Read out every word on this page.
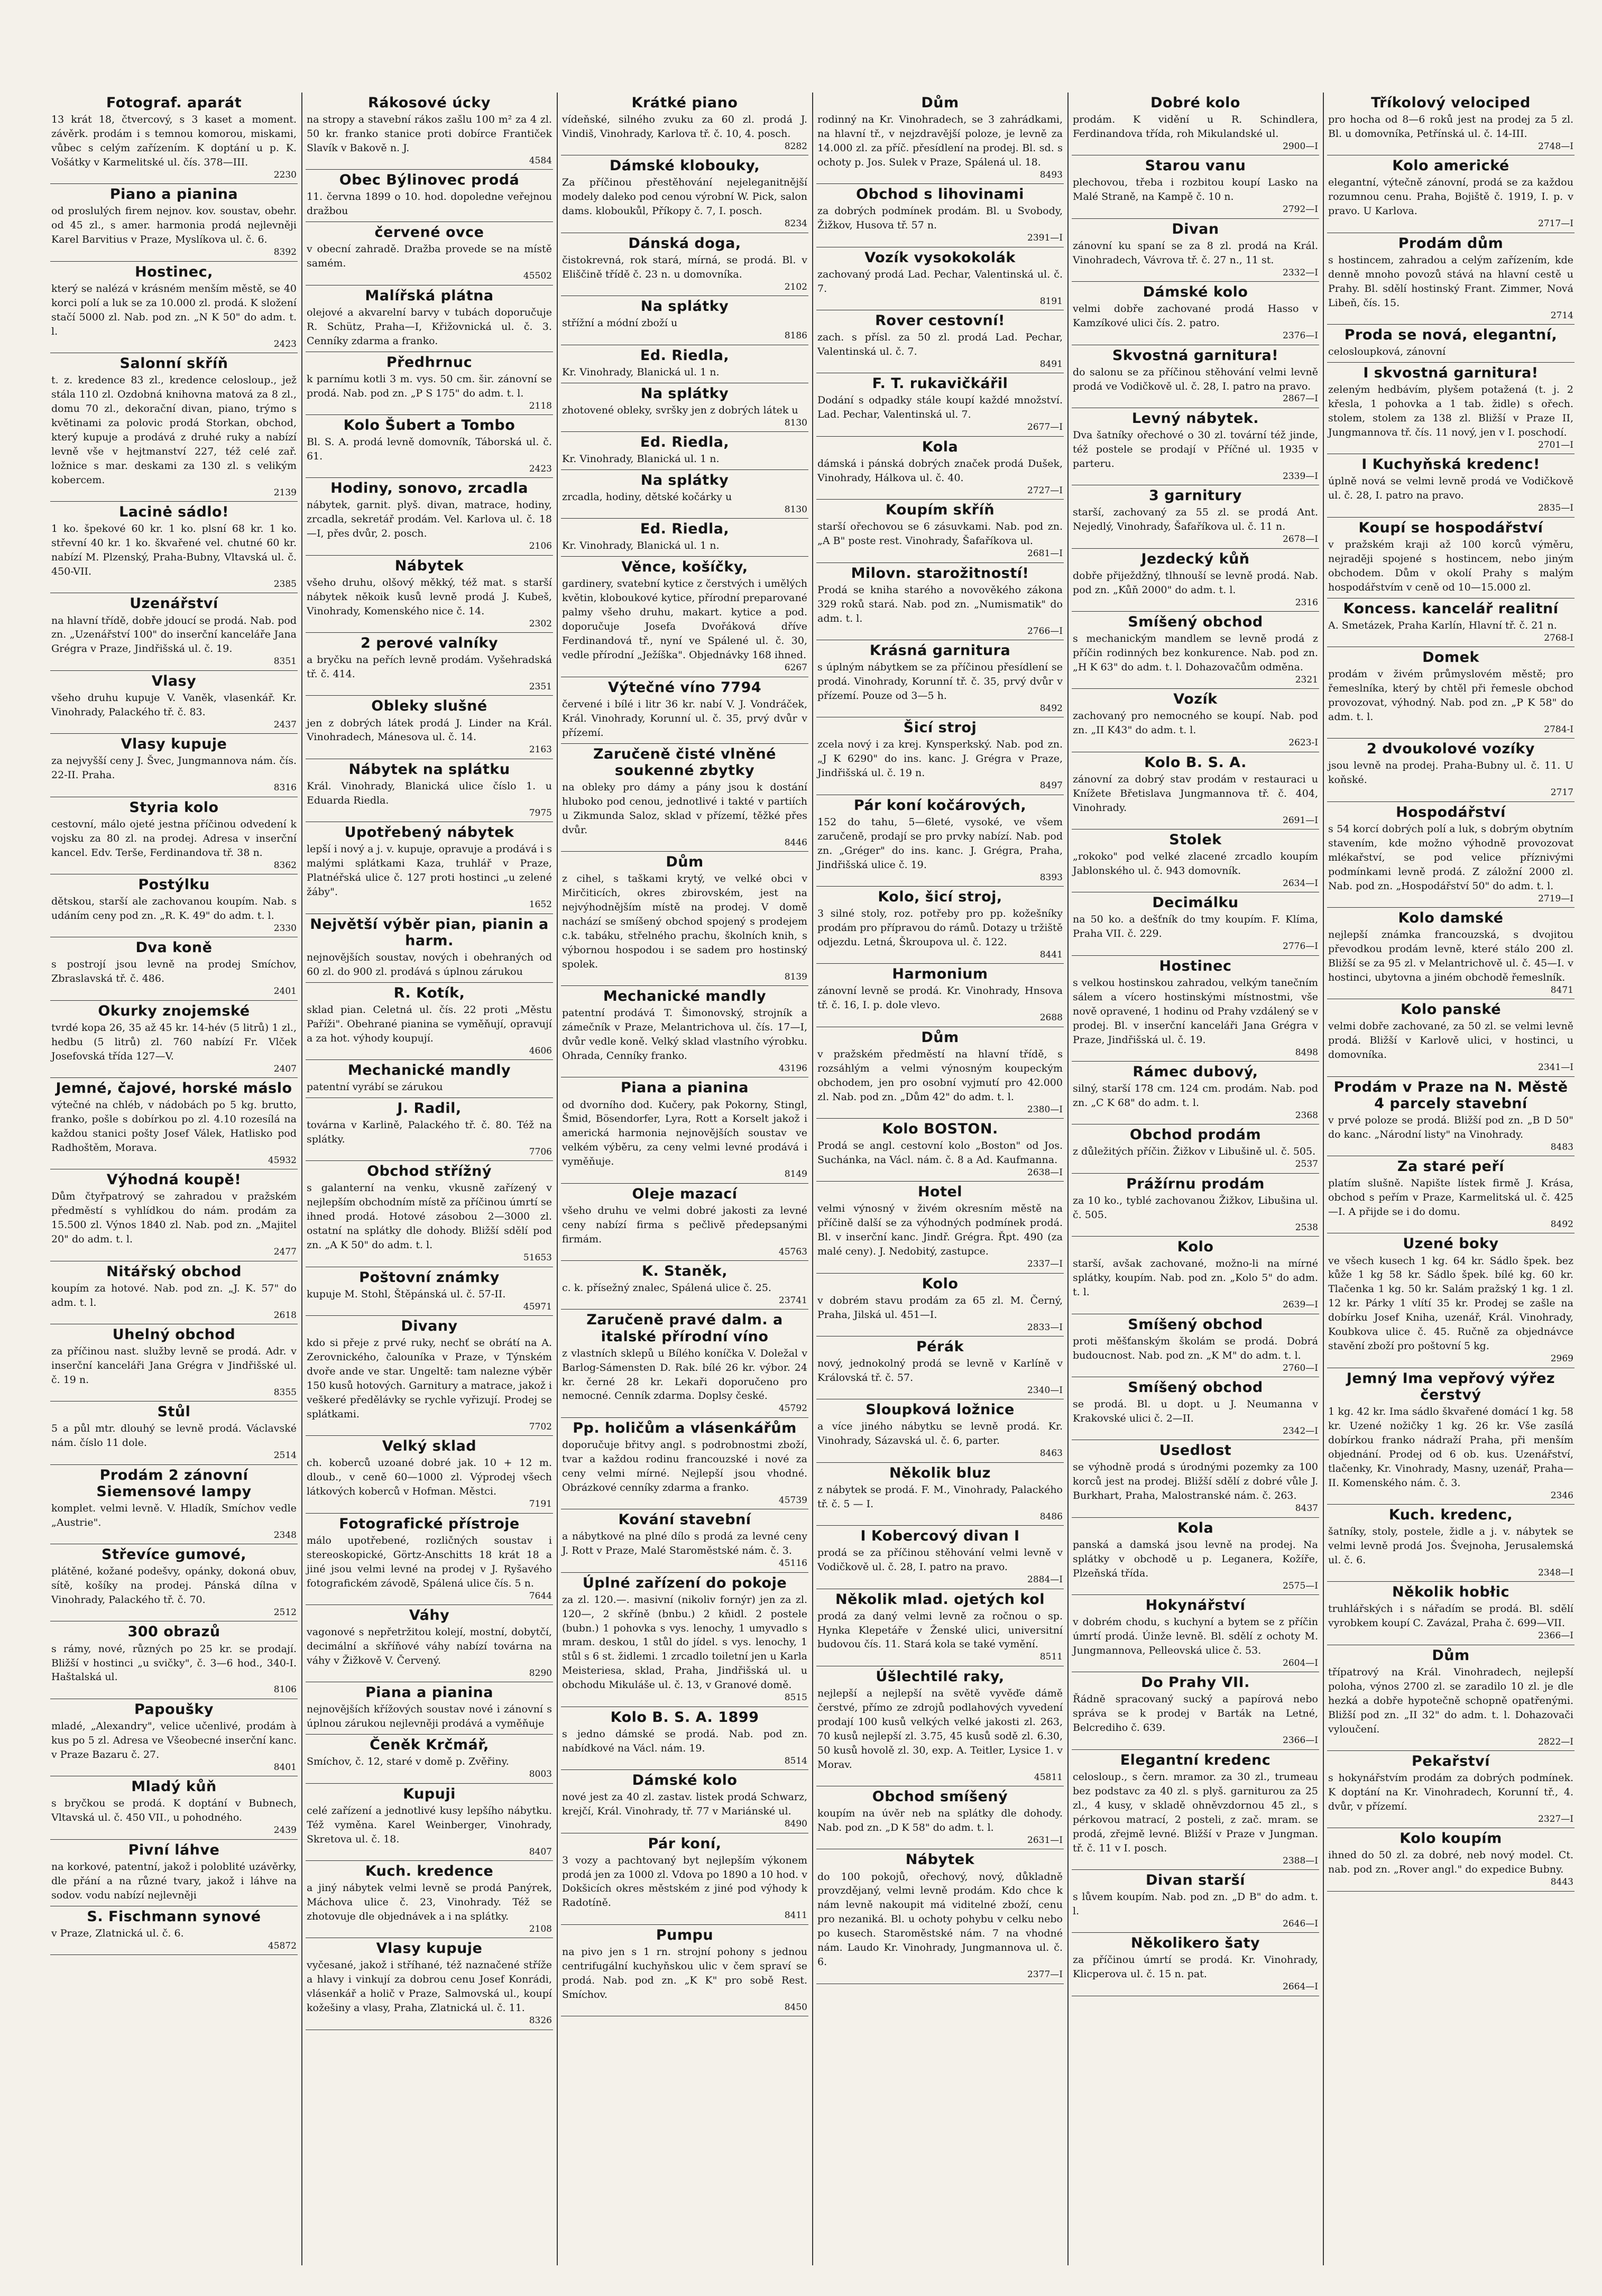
Fotograf. aparát

13 krát 18, čtvercový, s 3 kaset a moment. závěrk. prodám i s temnou komorou, miskami, vůbec s celým zařízením. K doptání u p. K. Vošátky v Karmelitské ul. čís. 378—III.

2230
Piano a pianina

od proslulých firem nejnov. kov. soustav, obehr. od 45 zl., s amer. harmonia prodá nejlevněji Karel Barvitius v Praze, Myslíkova ul. č. 6.

8392
Hostinec,

který se nalézá v krásném menším městě, se 40 korci polí a luk se za 10.000 zl. prodá. K složení stačí 5000 zl. Nab. pod zn. „N K 50" do adm. t. l.

2423
Salonní skříň

t. z. kredence 83 zl., kredence celosloup., jež stála 110 zl. Ozdobná knihovna matová za 8 zl., domu 70 zl., dekorační divan, piano, trýmo s květinami za polovic prodá Storkan, obchod, který kupuje a prodává z druhé ruky a nabízí levně vše v hejtmanství 227, též celé zař. ložnice s mar. deskami za 130 zl. s velikým kobercem.

2139
Lacinė sádlo!

1 ko. špekové 60 kr. 1 ko. plsní 68 kr. 1 ko. střevní 40 kr. 1 ko. škvařené vel. chutné 60 kr. nabízí M. Plzenský, Praha-Bubny, Vltavská ul. č. 450-VII.

2385
Uzenářství

na hlavní třídě, dobře jdoucí se prodá. Nab. pod zn. „Uzenářství 100" do inserční kanceláře Jana Grégra v Praze, Jindřišská ul. č. 19.

8351
Vlasy

všeho druhu kupuje V. Vaněk, vlasenkář. Kr. Vinohrady, Palackého tř. č. 83.

2437
Vlasy kupuje

za nejvyšší ceny J. Švec, Jungmannova nám. čís. 22-II. Praha.

8316
Styria kolo

cestovní, málo ojeté jestna příčinou odvedení k vojsku za 80 zl. na prodej. Adresa v inserční kancel. Edv. Terše, Ferdinandova tř. 38 n.

8362
Postýlku

dětskou, starší ale zachovanou koupím. Nab. s udáním ceny pod zn. „R. K. 49" do adm. t. l.

2330
Dva koně

s postrojí jsou levně na prodej Smíchov, Zbraslavská tř. č. 486.

2401
Okurky znojemské

tvrdé kopa 26, 35 až 45 kr. 14-hév (5 litrů) 1 zl., hedbu (5 litrů) zl. 760 nabízí Fr. Vlček Josefovská třída 127—V.

2407
Jemné, čajové, horské máslo

výtečné na chléb, v nádobách po 5 kg. brutto, franko, pošle s dobírkou po zl. 4.10 rozesílá na každou stanici pošty Josef Válek, Hatlisko pod Radhoštěm, Morava.

45932
Výhodná koupě!

Dům čtyřpatrový se zahradou v pražském předměstí s vyhlídkou do nám. prodám za 15.500 zl. Výnos 1840 zl. Nab. pod zn. „Majitel 20" do adm. t. l.

2477
Nitářský obchod

koupím za hotové. Nab. pod zn. „J. K. 57" do adm. t. l.

2618
Uhelný obchod

za příčinou nast. služby levně se prodá. Adr. v inserční kanceláři Jana Grégra v Jindřišské ul. č. 19 n.

8355
Stůl

5 a půl mtr. dlouhý se levně prodá. Václavské nám. číslo 11 dole.

2514
Prodám 2 zánovní Siemensové lampy

komplet. velmi levně. V. Hladík, Smíchov vedle „Austrie".

2348
Střevíce gumové,

plátěné, kožané podešvy, opánky, dokoná obuv, sítě, košíky na prodej. Pánská dílna v Vinohrady, Palackého tř. č. 70.

2512
300 obrazů

s rámy, nové, různých po 25 kr. se prodají. Bližší v hostinci „u svičky", č. 3—6 hod., 340-I. Haštalská ul.

8106
Papoušky

mladé, „Alexandry", velice učenlivé, prodám à kus po 5 zl. Adresa ve Všeobecné inserční kanc. v Praze Bazaru č. 27.

8401
Mladý kůň

s bryčkou se prodá. K doptání v Bubnech, Vltavská ul. č. 450 VII., u pohodného.

2439
Pivní láhve

na korkové, patentní, jakož i poloblité uzávěrky, dle přání a na různé tvary, jakož i láhve na sodov. vodu nabízí nejlevněji

S. Fischmann synové

v Praze, Zlatnická ul. č. 6.

45872
Rákosové úcky

na stropy a stavební rákos zašlu 100 m² za 4 zl. 50 kr. franko stanice proti dobírce Frantiček Slavík v Bakově n. J.

4584
Obec Býlinovec prodá

11. června 1899 o 10. hod. dopoledne veřejnou dražbou

červené ovce

v obecní zahradě. Dražba provede se na místě samém.

45502
Malířská plátna

olejové a akvarelní barvy v tubách doporučuje R. Schütz, Praha—I, Křižovnická ul. č. 3. Cenníky zdarma a franko.

Předhrnuc

k parnímu kotli 3 m. vys. 50 cm. šir. zánovní se prodá. Nab. pod zn. „P S 175" do adm. t. l.

2118
Kolo Šubert a Tombo

Bl. S. A. prodá levně domovník, Táborská ul. č. 61.

2423
Hodiny, sonovo, zrcadla

nábytek, garnit. plyš. divan, matrace, hodiny, zrcadla, sekretář prodám. Vel. Karlova ul. č. 18—I, přes dvůr, 2. posch.

2106
Nábytek

všeho druhu, olšový měkký, též mat. s starší nábytek někoik kusů levně prodá J. Kubeš, Vinohrady, Komenského nice č. 14.

2302
2 perové valníky

a bryčku na peřích levně prodám. Vyšehradská tř. č. 414.

2351
Obleky slušné

jen z dobrých látek prodá J. Linder na Král. Vinohradech, Mánesova ul. č. 14.

2163
Nábytek na splátku

Král. Vinohrady, Blanická ulice číslo 1. u Eduarda Riedla.

7975
Upotřebený nábytek

lepší i nový a j. v. kupuje, opravuje a prodává i s malými splátkami Kaza, truhlář v Praze, Platnéřská ulice č. 127 proti hostinci „u zelené žáby".

1652
Největší výběr pian, pianin a harm.

nejnovějších soustav, nových i obehraných od 60 zl. do 900 zl. prodává s úplnou zárukou

R. Kotík,

sklad pian. Celetná ul. čís. 22 proti „Městu Paříži". Obehrané pianina se vyměňují, opravují a za hot. výhody koupují.

4606
Mechanické mandly

patentní vyrábí se zárukou

J. Radil,

továrna v Karlině, Palackého tř. č. 80. Též na splátky.

7706
Obchod střížný

s galanterní na venku, vkusně zařízený v nejlepším obchodním místě za příčinou úmrtí se ihned prodá. Hotové zásobou 2—3000 zl. ostatní na splátky dle dohody. Bližší sdělí pod zn. „A K 50" do adm. t. l.

51653
Poštovní známky

kupuje M. Stohl, Štěpánská ul. č. 57-II.

45971
Divany

kdo si přeje z prvé ruky, nechť se obrátí na A. Zerovnického, čalouníka v Praze, v Týnském dvoře ande ve star. Ungeltě: tam nalezne výběr 150 kusů hotových. Garnitury a matrace, jakož i veškeré předělávky se rychle vyřizují. Prodej se splátkami.

7702
Velký sklad

ch. koberců uzoané dobré jak. 10 + 12 m. dloub., v ceně 60—1000 zl. Výprodej všech látkových koberců v Hofman. Městci.

7191
Fotografické přístroje

málo upotřebené, rozličných soustav i stereoskopické, Görtz-Anschitts 18 krát 18 a jiné jsou velmi levné na prodej v J. Ryšavého fotografickém závodě, Spálená ulice čís. 5 n.

7644
Váhy

vagonové s nepřetržitou kolejí, mostní, dobytčí, decimální a skříňové váhy nabízí továrna na váhy v Žižkově V. Červený.

8290
Piana a pianina

nejnovějších křížových soustav nové i zánovní s úplnou zárukou nejlevněji prodává a vyměňuje

Čeněk Krčmář,

Smíchov, č. 12, staré v domě p. Zvěřiny.

8003
Kupuji

celé zařízení a jednotlivé kusy lepšího nábytku. Též vyměna. Karel Weinberger, Vinohrady, Skretova ul. č. 18.

8407
Kuch. kredence

a jiný nábytek velmi levně se prodá Panýrek, Máchova ulice č. 23, Vinohrady. Též se zhotovuje dle objednávek a i na splátky.

2108
Vlasy kupuje

vyčesané, jakož i stříhané, též naznačené stříže a hlavy i vinkují za dobrou cenu Josef Konrádi, vlásenkář a holič v Praze, Salmovská ul., koupí kožešiny a vlasy, Praha, Zlatnická ul. č. 11.

8326
Krátké piano

vídeňské, silného zvuku za 60 zl. prodá J. Vindiš, Vinohrady, Karlova tř. č. 10, 4. posch.

8282
Dámské klobouky,

Za příčinou přestěhování nejeleganitnější modely daleko pod cenou výrobní W. Pick, salon dams. kloboukůl, Příkopy č. 7, I. posch.

8234
Dánská doga,

čistokrevná, rok stará, mírná, se prodá. Bl. v Eliščině třídě č. 23 n. u domovníka.

2102
Na splátky

střížní a módní zboží u

8186
Ed. Riedla,

Kr. Vinohrady, Blanická ul. 1 n.

Na splátky

zhotovené obleky, svršky jen z dobrých látek u

8130
Ed. Riedla,

Kr. Vinohrady, Blanická ul. 1 n.

Na splátky

zrcadla, hodiny, dětské kočárky u

8130
Ed. Riedla,

Kr. Vinohrady, Blanická ul. 1 n.

Věnce, košíčky,

gardinery, svatební kytice z čerstvých i umělých květin, kloboukové kytice, přírodní preparované palmy všeho druhu, makart. kytice a pod. doporučuje Josefa Dvořáková dříve Ferdinandová tř., nyní ve Spálené ul. č. 30, vedle přírodní „Ježíška". Objednávky 168 ihned.

6267
Výtečné víno 7794

červené i bílé i litr 36 kr. nabí V. J. Vondráček, Král. Vinohrady, Korunní ul. č. 35, prvý dvůr v přízemí.

Zaručeně čisté vlněné soukenné zbytky

na obleky pro dámy a pány jsou k dostání hluboko pod cenou, jednotlivé i takté v partiích u Zikmunda Saloz, sklad v přízemí, těžké přes dvůr.

8446
Dům

z cihel, s taškami krytý, ve velké obci v Mirčiticích, okres zbirovském, jest na nejvýhodnějším místě na prodej. V domě nachází se smíšený obchod spojený s prodejem c.k. tabáku, střelného prachu, školních knih, s výbornou hospodou i se sadem pro hostinský spolek.

8139
Mechanické mandly

patentní prodává T. Šimonovský, strojník a zámečník v Praze, Melantrichova ul. čís. 17—I, dvůr vedle koně. Velký sklad vlastního výrobku. Ohrada, Cenníky franko.

43196
Piana a pianina

od dvorního dod. Kučery, pak Pokorny, Stingl, Šmid, Bösendorfer, Lyra, Rott a Korselt jakož i americká harmonia nejnovějších soustav ve velkém výběru, za ceny velmi levné prodává i vyměňuje.

8149
Oleje mazací

všeho druhu ve velmi dobré jakosti za levné ceny nabízí firma s pečlivě předepsanými firmám.

45763
K. Staněk,

c. k. přísežný znalec, Spálená ulice č. 25.

23741
Zaručeně pravé dalm. a italské přírodní víno

z vlastních sklepů u Bílého koníčka V. Doležal v Barlog-Sámensten D. Rak. bílé 26 kr. výbor. 24 kr. černé 28 kr. Lekaři doporučeno pro nemocné. Cenník zdarma. Doplsy české.

45792
Pp. holičům a vlásenkářům

doporučuje břitvy angl. s podrobnostmi zboží, tvar a každou rodinu francouzské i nové za ceny velmi mírné. Nejlepší jsou vhodné. Obrázkové cenníky zdarma a franko.

45739
Kování stavební

a nábytkové na plné dílo s prodá za levné ceny J. Rott v Praze, Malé Staroměstské nám. č. 3.

45116
Úplné zařízení do pokoje

za zl. 120.—. masivní (nikoliv fornýr) jen za zl. 120—, 2 skříně (bnbu.) 2 kňidl. 2 postele (bubn.) 1 pohovka s vys. lenochy, 1 umyvadlo s mram. deskou, 1 stůl do jídel. s vys. lenochy, 1 stůl s 6 st. židlemi. 1 zrcadlo toiletní jen u Karla Meisteriesa, sklad, Praha, Jindřišská ul. u obchodu Mikuláše ul. č. 13, v Granové domě.

8515
Kolo B. S. A. 1899

s jedno dámské se prodá. Nab. pod zn. nabídkové na Václ. nám. 19.

8514
Dámské kolo

nové jest za 40 zl. zastav. listek prodá Schwarz, krejčí, Král. Vinohrady, tř. 77 v Mariánské ul.

8490
Pár koní,

3 vozy a pachtovaný byt nejlepším výkonem prodá jen za 1000 zl. Vdova po 1890 a 10 hod. v Dokšicích okres městském z jiné pod výhody k Radotíně.

8411
Pumpu

na pivo jen s 1 rn. strojní pohony s jednou centrifugální kuchyňskou ulic v čem spraví se prodá. Nab. pod zn. „K K" pro sobě Rest. Smíchov.

8450
Dům

rodinný na Kr. Vinohradech, se 3 zahrádkami, na hlavní tř., v nejzdravější poloze, je levně za 14.000 zl. za příč. přesídlení na prodej. Bl. sd. s ochoty p. Jos. Sulek v Praze, Spálená ul. 18.

8493
Obchod s lihovinami

za dobrých podmínek prodám. Bl. u Svobody, Žižkov, Husova tř. 57 n.

2391—I
Vozík vysokokolák

zachovaný prodá Lad. Pechar, Valentinská ul. č. 7.

8191
Rover cestovní!

zach. s přísl. za 50 zl. prodá Lad. Pechar, Valentinská ul. č. 7.

8491
F. T. rukavičkářil

Dodání s odpadky stále koupí každé množství. Lad. Pechar, Valentinská ul. 7.

2677—I
Kola

dámská i pánská dobrých značek prodá Dušek, Vinohrady, Hálkova ul. č. 40.

2727—I
Koupím skříň

starší ořechovou se 6 zásuvkami. Nab. pod zn. „A B" poste rest. Vinohrady, Šafaříkova ul.

2681—I
Milovn. starožitností!

Prodá se kniha starého a novověkého zákona 329 roků stará. Nab. pod zn. „Numismatik" do adm. t. l.

2766—I
Krásná garnitura

s úplným nábytkem se za příčinou přesídlení se prodá. Vinohrady, Korunní tř. č. 35, prvý dvůr v přízemí. Pouze od 3—5 h.

8492
Šicí stroj

zcela nový i za krej. Kynsperkský. Nab. pod zn. „J K 6290" do ins. kanc. J. Grégra v Praze, Jindřišská ul. č. 19 n.

8497
Pár koní kočárových,

152 do tahu, 5—6leté, vysoké, ve všem zaručeně, prodají se pro prvky nabízí. Nab. pod zn. „Gréger" do ins. kanc. J. Grégra, Praha, Jindřišská ulice č. 19.

8393
Kolo, šicí stroj,

3 silné stoly, roz. potřeby pro pp. kožešníky prodám pro přípravou do rámů. Dotazy u tržiště odjezdu. Letná, Škroupova ul. č. 122.

8441
Harmonium

zánovní levně se prodá. Kr. Vinohrady, Hnsova tř. č. 16, I. p. dole vlevo.

2688
Dům

v pražském předměstí na hlavní třídě, s rozsáhlým a velmi výnosným koupeckým obchodem, jen pro osobní vyjmutí pro 42.000 zl. Nab. pod zn. „Dům 42" do adm. t. l.

2380—I
Kolo BOSTON.

Prodá se angl. cestovní kolo „Boston" od Jos. Suchánka, na Václ. nám. č. 8 a Ad. Kaufmanna.

2638—I
Hotel

velmi výnosný v živém okresním městě na příčině další se za výhodných podmínek prodá. Bl. v inserční kanc. Jindř. Grégra. Řpt. 490 (za malé ceny). J. Nedobitý, zastupce.

2337—I
Kolo

v dobrém stavu prodám za 65 zl. M. Černý, Praha, Jilská ul. 451—I.

2833—I
Pérák

nový, jednokolný prodá se levně v Karlíně v Královská tř. č. 57.

2340—I
Sloupková ložnice

a více jiného nábytku se levně prodá. Kr. Vinohrady, Sázavská ul. č. 6, parter.

8463
Několik bluz

z nábytek se prodá. F. M., Vinohrady, Palackého tř. č. 5 — I.

8486
I Kobercový divan I

prodá se za příčinou stěhování velmi levně v Vodičkově ul. č. 28, I. patro na pravo.

2884—I
Několik mlad. ojetých kol

prodá za daný velmi levně za ročnou o sp. Hynka Klepetáře v Ženské ulici, universitní budovou čís. 11. Stará kola se také vymění.

8511
Úšlechtilé raky,

nejlepší a nejlepší na světě vyvěďe dámě čerstvé, přímo ze zdrojů podlahových vyvedení prodají 100 kusů velkých velké jakosti zl. 263, 70 kusů nejlepší zl. 3.75, 45 kusů sodě zl. 6.30, 50 kusů hovolě zl. 30, exp. A. Teitler, Lysice 1. v Morav.

45811
Obchod smíšený

koupím na úvěr neb na splátky dle dohody. Nab. pod zn. „D K 58" do adm. t. l.

2631—I
Nábytek

do 100 pokojů, ořechový, nový, důkladně provzdějaný, velmi levně prodám. Kdo chce k nám levně nakoupit má viditelné zboží, cenu pro nezaniká. Bl. u ochoty pohybu v celku nebo po kusech. Staroměstské nám. 7 na vhodné nám. Laudo Kr. Vinohrady, Jungmannova ul. č. 6.

2377—I
Dobré kolo

prodám. K vidění u R. Schindlera, Ferdinandova třída, roh Mikulandské ul.

2900—I
Starou vanu

plechovou, třeba i rozbitou koupí Lasko na Malé Straně, na Kampě č. 10 n.

2792—I
Divan

zánovní ku spaní se za 8 zl. prodá na Král. Vinohradech, Vávrova tř. č. 27 n., 11 st.

2332—I
Dámské kolo

velmi dobře zachované prodá Hasso v Kamzíkové ulici čís. 2. patro.

2376—I
Skvostná garnitura!

do salonu se za příčinou stěhování velmi levně prodá ve Vodičkově ul. č. 28, I. patro na pravo.

2867—I
Levný nábytek.

Dva šatníky ořechové o 30 zl. tovární též jinde, též postele se prodají v Příčné ul. 1935 v parteru.

2339—I
3 garnitury

starší, zachovaný za 55 zl. se prodá Ant. Nejedlý, Vinohrady, Šafaříkova ul. č. 11 n.

2678—I
Jezdecký kůň

dobře přiježdžný, tlhnouší se levně prodá. Nab. pod zn. „Kůň 2000" do adm. t. l.

2316
Smíšený obchod

s mechanickým mandlem se levně prodá z příčin rodinných bez konkurence. Nab. pod zn. „H K 63" do adm. t. l. Dohazovačům odměna.

2321
Vozík

zachovaný pro nemocného se koupí. Nab. pod zn. „II K43" do adm. t. l.

2623-I
Kolo B. S. A.

zánovní za dobrý stav prodám v restauraci u Knížete Břetislava Jungmannova tř. č. 404, Vinohrady.

2691—I
Stolek

„rokoko" pod velké zlacené zrcadlo koupím Jablonského ul. č. 943 domovník.

2634—I
Decimálku

na 50 ko. a dešťník do tmy koupím. F. Klíma, Praha VII. č. 229.

2776—I
Hostinec

s velkou hostinskou zahradou, velkým tanečním sálem a vícero hostinskými místnostmi, vše nově opravené, 1 hodinu od Prahy vzdálený se v prodej. Bl. v inserční kanceláři Jana Grégra v Praze, Jindřišská ul. č. 19.

8498
Rámec dubový,

silný, starší 178 cm. 124 cm. prodám. Nab. pod zn. „C K 68" do adm. t. l.

2368
Obchod prodám

z důležitých příčin. Žižkov v Libušině ul. č. 505.

2537
Prážírnu prodám

za 10 ko., tyblé zachovanou Žižkov, Libušina ul. č. 505.

2538
Kolo

starší, avšak zachované, možno-li na mírné splátky, koupím. Nab. pod zn. „Kolo 5" do adm. t. l.

2639—I
Smíšený obchod

proti měšťanským školám se prodá. Dobrá budoucnost. Nab. pod zn. „K M" do adm. t. l.

2760—I
Smíšený obchod

se prodá. Bl. u dopt. u J. Neumanna v Krakovské ulici č. 2—II.

2342—I
Usedlost

se výhodně prodá s úrodnými pozemky za 100 korců jest na prodej. Bližší sdělí z dobré vůle J. Burkhart, Praha, Malostranské nám. č. 263.

8437
Kola

panská a damská jsou levně na prodej. Na splátky v obchodě u p. Leganera, Kožíře, Plzeňská třída.

2575—I
Hokynářství

v dobrém chodu, s kuchyní a bytem se z příčin úmrtí prodá. Úinže levně. Bl. sdělí z ochoty M. Jungmannova, Pelleovská ulice č. 53.

2604—I
Do Prahy VII.

Řádně spracovaný sucký a papírová nebo správa se k prodej v Barták na Letné, Belcrediho č. 639.

2366—I
Elegantní kredenc

celosloup., s čern. mramor. za 30 zl., trumeau bez podstavc za 40 zl. s plyš. garniturou za 25 zl., 4 kusy, v skladě ohněvzdornou 45 zl., s pérkovou matrací, 2 posteli, z zač. mram. se prodá, zřejmě levné. Bližší v Praze v Jungman. tř. č. 11 v I. posch.

2388—I
Divan starší

s lůvem koupím. Nab. pod zn. „D B" do adm. t. l.

2646—I
Několikero šaty

za příčinou úmrtí se prodá. Kr. Vinohrady, Klicperova ul. č. 15 n. pat.

2664—I
Tříkolový velociped

pro hocha od 8—6 roků jest na prodej za 5 zl. Bl. u domovníka, Petřínská ul. č. 14-III.

2748—I
Kolo americké

elegantní, výtečně zánovní, prodá se za každou rozumnou cenu. Praha, Bojiště č. 1919, I. p. v pravo. U Karlova.

2717—I
Prodám dům

s hostincem, zahradou a celým zařízením, kde denně mnoho povozů stává na hlavní cestě u Prahy. Bl. sdělí hostinský Frant. Zimmer, Nová Libeň, čís. 15.

2714
Proda se nová, elegantní,

celosloupková, zánovní

I skvostná garnitura!

zeleným hedbávím, plyšem potažená (t. j. 2 křesla, 1 pohovka a 1 tab. židle) s ořech. stolem, stolem za 138 zl. Bližší v Praze II, Jungmannova tř. čís. 11 nový, jen v I. poschodí.

2701—I
I Kuchyňská kredenc!

úplně nová se velmi levně prodá ve Vodičkově ul. č. 28, I. patro na pravo.

2835—I
Koupí se hospodářství

v pražském kraji až 100 korců výměru, nejraději spojené s hostincem, nebo jiným obchodem. Dům v okolí Prahy s malým hospodářstvím v ceně od 10—15.000 zl.

Koncess. kancelář realitní

A. Smetázek, Praha Karlín, Hlavní tř. č. 21 n.

2768-I
Domek

prodám v živém průmyslovém městě; pro řemeslníka, který by chtěl při řemesle obchod provozovat, výhodný. Nab. pod zn. „P K 58" do adm. t. l.

2784-I
2 dvoukolové vozíky

jsou levně na prodej. Praha-Bubny ul. č. 11. U koňské.

2717
Hospodářství

s 54 korcí dobrých polí a luk, s dobrým obytním stavením, kde možno výhodně provozovat mlékařství, se pod velice příznivými podmínkami levně prodá. Z záložní 2000 zl. Nab. pod zn. „Hospodářství 50" do adm. t. l.

2719—I
Kolo damské

nejlepší známka francouzská, s dvojitou převodkou prodám levně, které stálo 200 zl. Bližší se za 95 zl. v Melantrichově ul. č. 45—I. v hostinci, ubytovna a jiném obchodě řemeslník.

8471
Kolo panské

velmi dobře zachované, za 50 zl. se velmi levně prodá. Bližší v Karlově ulici, v hostinci, u domovníka.

2341—I
Prodám v Praze na N. Městě 4 parcely stavební

v prvé poloze se prodá. Bližší pod zn. „B D 50" do kanc. „Národní listy" na Vinohrady.

8483
Za staré peří

platím slušně. Napište lístek firmě J. Krása, obchod s peřím v Praze, Karmelitská ul. č. 425—I. A přijde se i do domu.

8492
Uzené boky

ve všech kusech 1 kg. 64 kr. Sádlo špek. bez kůže 1 kg 58 kr. Sádlo špek. bílé kg. 60 kr. Tlačenka 1 kg. 50 kr. Salám pražský 1 kg. 1 zl. 12 kr. Párky 1 vlítí 35 kr. Prodej se zašle na dobírku Josef Kniha, uzenář, Král. Vinohrady, Koubkova ulice č. 45. Ručně za objednávce stavění zboží pro poštovní 5 kg.

2969
Jemný Ima vepřový výřez čerstvý

1 kg. 42 kr. Ima sádlo škvařené domácí 1 kg. 58 kr. Uzené nožičky 1 kg. 26 kr. Vše zasílá dobírkou franko nádraží Praha, při menším objednání. Prodej od 6 ob. kus. Uzenářství, tlačenky, Kr. Vinohrady, Masny, uzenář, Praha—II. Komenského nám. č. 3.

2346
Kuch. kredenc,

šatníky, stoly, postele, židle a j. v. nábytek se velmi levně prodá Jos. Švejnoha, Jerusalemská ul. č. 6.

2348—I
Několik hobłic

truhlářských i s nářadím se prodá. Bl. sdělí vyrobkem koupí C. Zavázal, Praha č. 699—VII.

2366—I
Dům

třípatrový na Král. Vinohradech, nejlepší poloha, výnos 2700 zl. se zaradilo 10 zl. je dle hezká a dobře hypotečně schopně opatřenými. Bližší pod zn. „II 32" do adm. t. l. Dohazovači vyloučení.

2822—I
Pekařství

s hokynářstvím prodám za dobrých podmínek. K doptání na Kr. Vinohradech, Korunní tř., 4. dvůr, v přízemí.

2327—I
Kolo koupím

ihned do 50 zl. za dobré, neb nový model. Ct. nab. pod zn. „Rover angl." do expedice Bubny.

8443
